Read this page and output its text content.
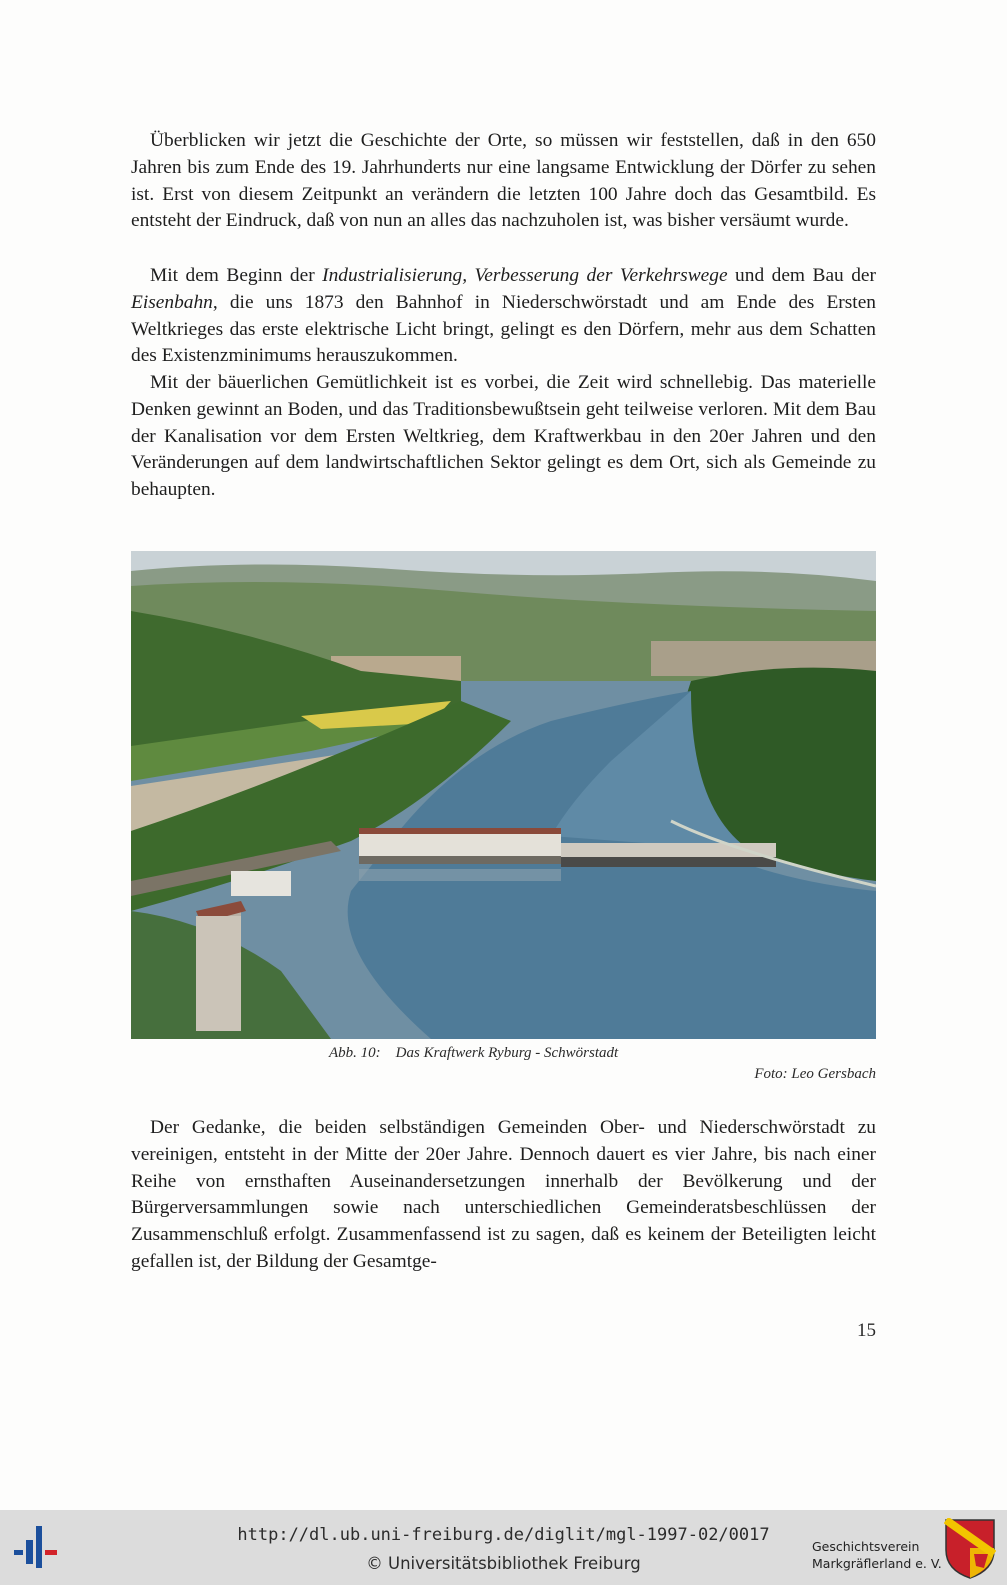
Überblicken wir jetzt die Geschichte der Orte, so müssen wir feststellen, daß in den 650 Jahren bis zum Ende des 19. Jahrhunderts nur eine langsame Entwicklung der Dörfer zu sehen ist. Erst von diesem Zeitpunkt an verändern die letzten 100 Jahre doch das Gesamtbild. Es entsteht der Eindruck, daß von nun an alles das nachzuholen ist, was bisher versäumt wurde.

Mit dem Beginn der Industrialisierung, Verbesserung der Verkehrswege und dem Bau der Eisenbahn, die uns 1873 den Bahnhof in Niederschwörstadt und am Ende des Ersten Weltkrieges das erste elektrische Licht bringt, gelingt es den Dörfern, mehr aus dem Schatten des Existenzminimums herauszukommen.

Mit der bäuerlichen Gemütlichkeit ist es vorbei, die Zeit wird schnellebig. Das materielle Denken gewinnt an Boden, und das Traditionsbewußtsein geht teilweise verloren. Mit dem Bau der Kanalisation vor dem Ersten Weltkrieg, dem Kraftwerkbau in den 20er Jahren und den Veränderungen auf dem landwirtschaftlichen Sektor gelingt es dem Ort, sich als Gemeinde zu behaupten.

Abb. 10:    Das Kraftwerk Ryburg - Schwörstadt
Foto: Leo Gersbach

Der Gedanke, die beiden selbständigen Gemeinden Ober- und Niederschwörstadt zu vereinigen, entsteht in der Mitte der 20er Jahre. Dennoch dauert es vier Jahre, bis nach einer Reihe von ernsthaften Auseinandersetzungen innerhalb der Bevölkerung und der Bürgerversammlungen sowie nach unterschiedlichen Gemeinderatsbeschlüssen der Zusammenschluß erfolgt. Zusammenfassend ist zu sagen, daß es keinem der Beteiligten leicht gefallen ist, der Bildung der Gesamtge-

15
http://dl.ub.uni-freiburg.de/diglit/mgl-1997-02/0017
© Universitätsbibliothek Freiburg
Geschichtsverein
Markgräflerland e. V.
